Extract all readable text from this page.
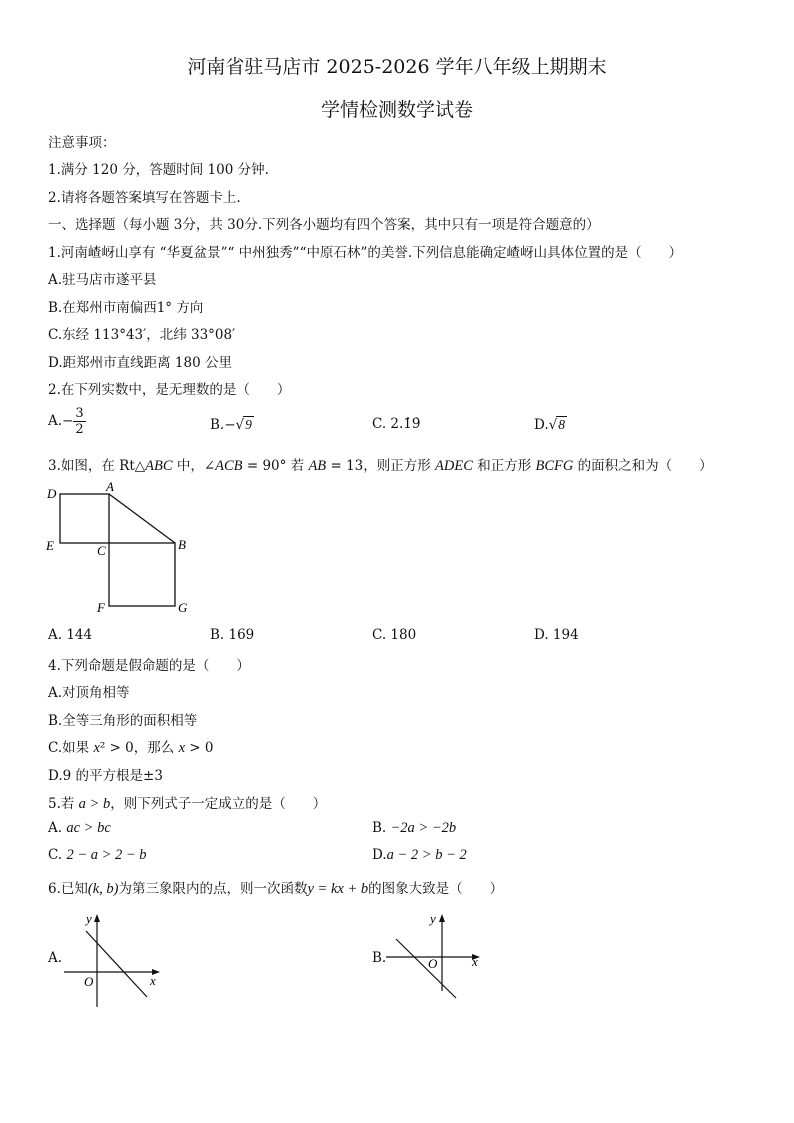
河南省驻马店市 2025-2026 学年八年级上期期末
学情检测数学试卷
注意事项：
1.满分 120 分，答题时间 100 分钟.
2.请将各题答案填写在答题卡上.
一、选择题（每小题 3分，共 30分.下列各小题均有四个答案，其中只有一项是符合题意的）
1.河南嵖岈山享有 “华夏盆景”“ 中州独秀”“中原石林”的美誉.下列信息能确定嵖岈山具体位置的是（　　）
A.驻马店市遂平县
B.在郑州市南偏西1° 方向
C.东经 113°43′，北纬 33°08′
D.距郑州市直线距离 180 公里
2.在下列实数中，是无理数的是（　　）
$A.- \frac{3}{2}$	B.−√9	C. 2.1̇9̇	D.√8
3.如图，在 Rt△ABC 中，∠ACB = 90° 若 AB = 13，则正方形 ADEC 和正方形 BCFG 的面积之和为（　　）
D	A
E	C	B
F	G
A. 144	B. 169	C. 180	D. 194
4.下列命题是假命题的是（　　）
A.对顶角相等
B.全等三角形的面积相等
C.如果 x² > 0，那么 x > 0
D.9 的平方根是±3
5.若 a > b，则下列式子一定成立的是（　　）
A. ac > bc	B. −2a > −2b
C. 2 − a > 2 − b	D.a − 2 > b − 2
6.已知(k, b)为第三象限内的点，则一次函数y = kx + b的图象大致是（　　）
A.
y
x
O
B.
y
x
O
